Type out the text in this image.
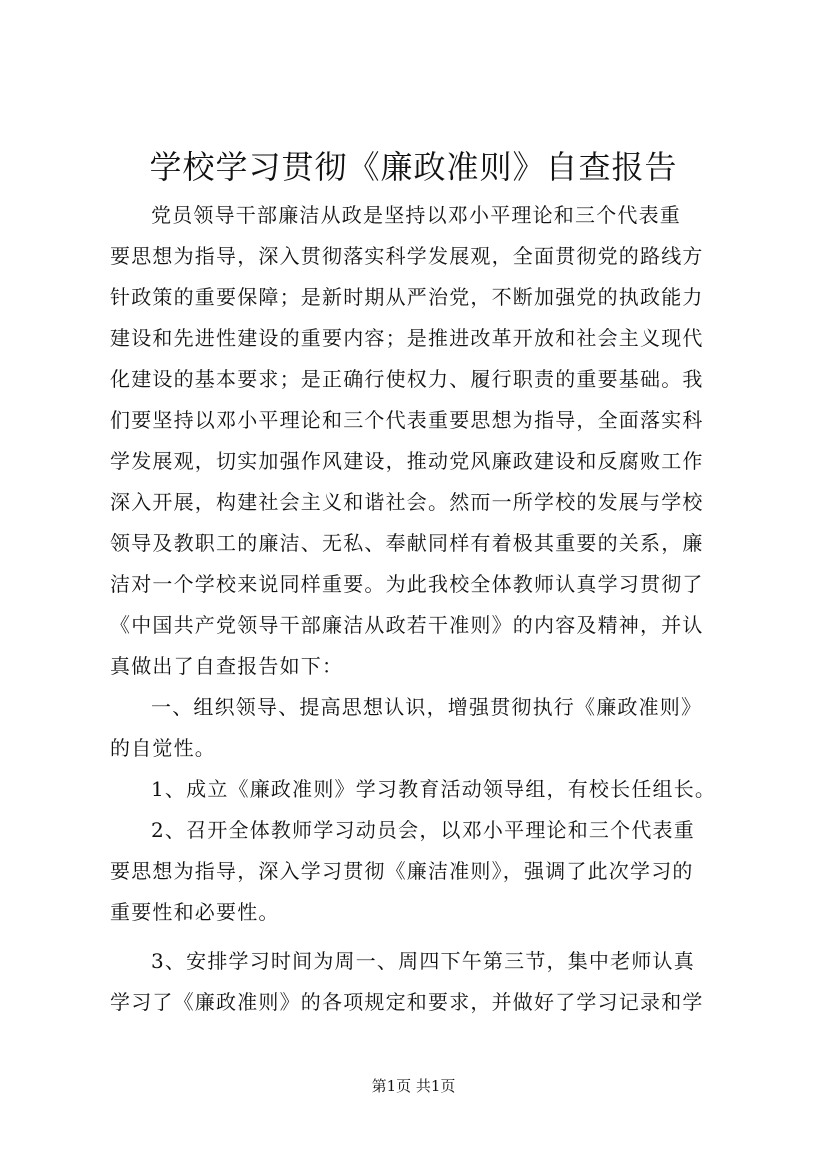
学校学习贯彻《廉政准则》自查报告
党员领导干部廉洁从政是坚持以邓小平理论和三个代表重
要思想为指导，深入贯彻落实科学发展观，全面贯彻党的路线方
针政策的重要保障；是新时期从严治党，不断加强党的执政能力
建设和先进性建设的重要内容；是推进改革开放和社会主义现代
化建设的基本要求；是正确行使权力、履行职责的重要基础。我
们要坚持以邓小平理论和三个代表重要思想为指导，全面落实科
学发展观，切实加强作风建设，推动党风廉政建设和反腐败工作
深入开展，构建社会主义和谐社会。然而一所学校的发展与学校
领导及教职工的廉洁、无私、奉献同样有着极其重要的关系，廉
洁对一个学校来说同样重要。为此我校全体教师认真学习贯彻了
《中国共产党领导干部廉洁从政若干准则》的内容及精神，并认
真做出了自查报告如下：
一、组织领导、提高思想认识，增强贯彻执行《廉政准则》
的自觉性。
1、成立《廉政准则》学习教育活动领导组，有校长任组长。
2、召开全体教师学习动员会，以邓小平理论和三个代表重
要思想为指导，深入学习贯彻《廉洁准则》，强调了此次学习的
重要性和必要性。
3、安排学习时间为周一、周四下午第三节，集中老师认真
学习了《廉政准则》的各项规定和要求，并做好了学习记录和学
第1页 共1页
